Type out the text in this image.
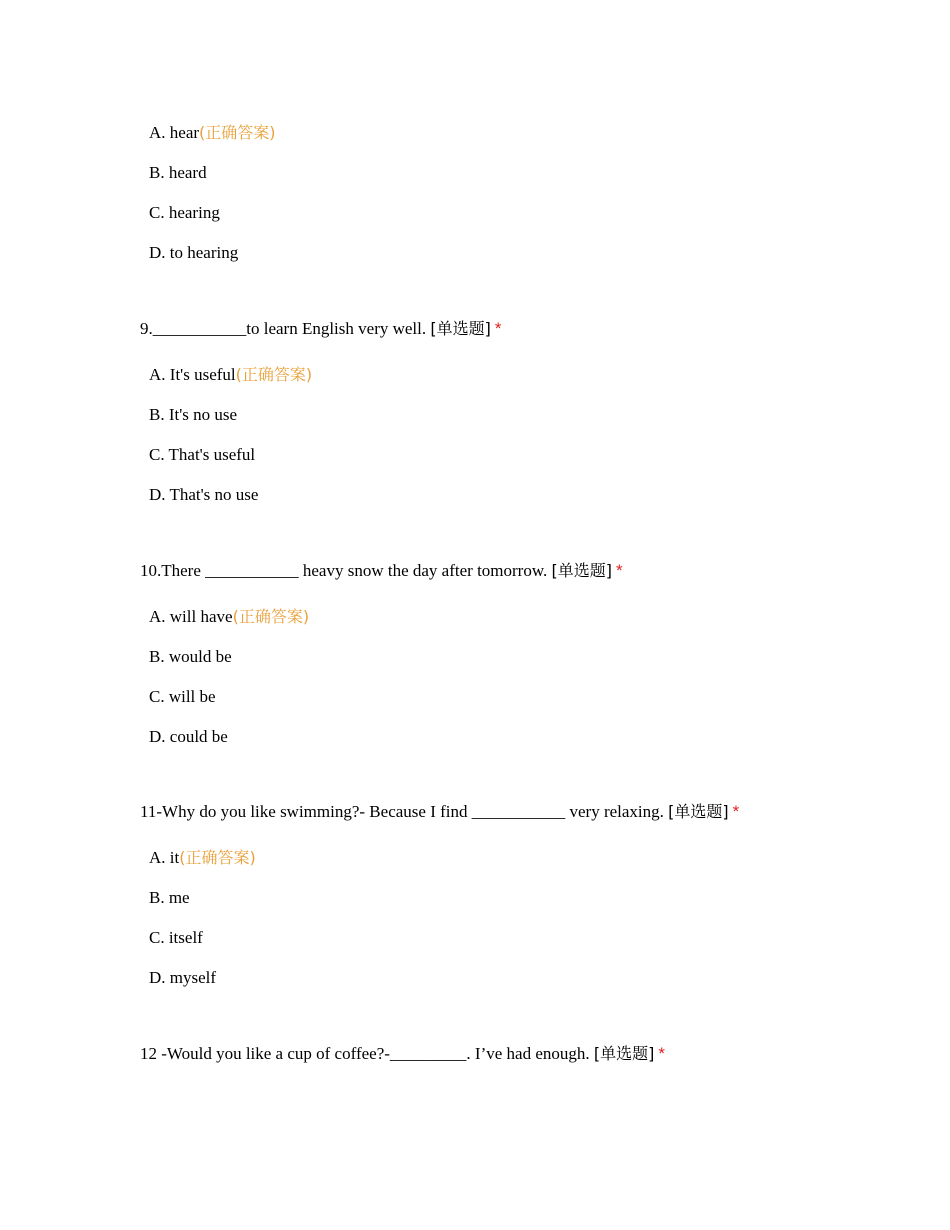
A. hear(正确答案)
B. heard
C. hearing
D. to hearing
9.___________to learn English very well. [单选题] *
A. It's useful(正确答案)
B. It's no use
C. That's useful
D. That's no use
10.There ___________ heavy snow the day after tomorrow. [单选题] *
A. will have(正确答案)
B. would be
C. will be
D. could be
11-Why do you like swimming?- Because I find ___________ very relaxing. [单选题] *
A. it(正确答案)
B. me
C. itself
D. myself
12 -Would you like a cup of coffee?-_________. I’ve had enough. [单选题] *
